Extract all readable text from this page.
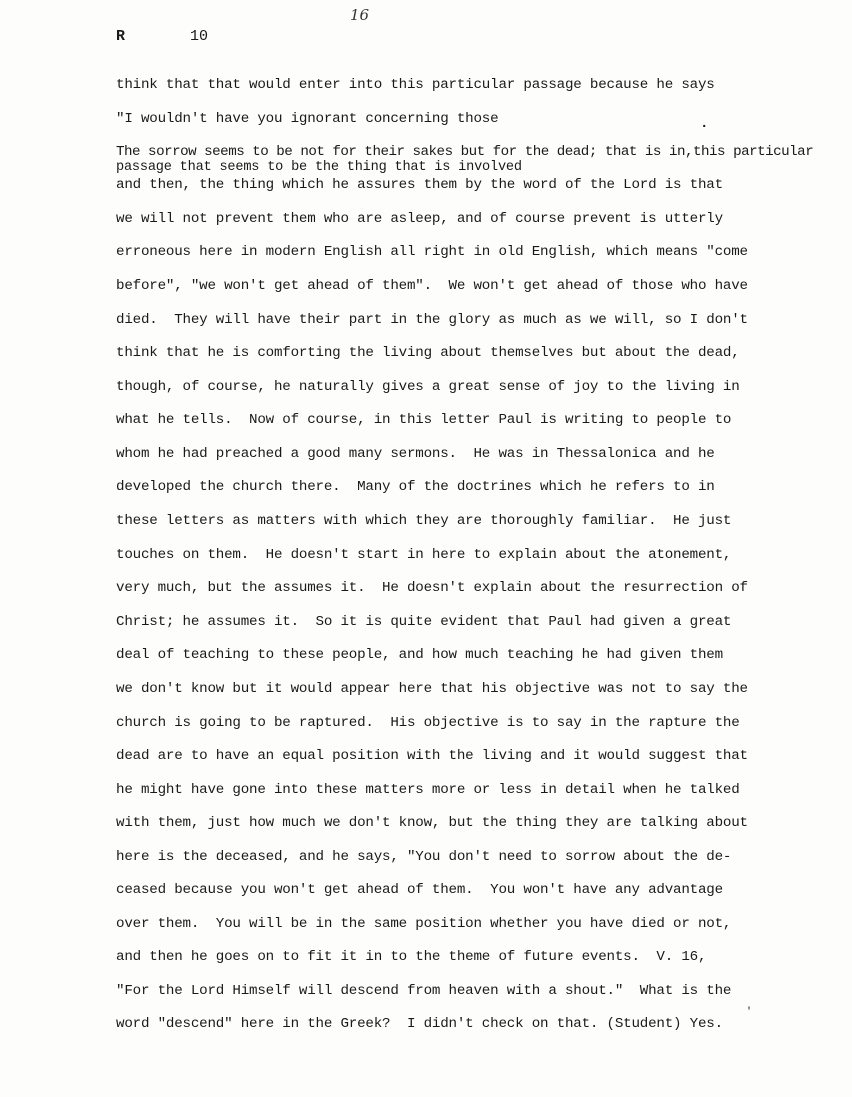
16
R	10
think that that would enter into this particular passage because he says
"I wouldn't have you ignorant concerning those	.
The sorrow seems to be not for their sakes but for the dead; that is in,this particular
passage that seems to be the thing that is involved
and then, the thing which he assures them by the word of the Lord is that
we will not prevent them who are asleep, and of course prevent is utterly
erroneous here in modern English all right in old English, which means "come
before", "we won't get ahead of them".  We won't get ahead of those who have
died.  They will have their part in the glory as much as we will, so I don't
think that he is comforting the living about themselves but about the dead,
though, of course, he naturally gives a great sense of joy to the living in
what he tells.  Now of course, in this letter Paul is writing to people to
whom he had preached a good many sermons.  He was in Thessalonica and he
developed the church there.  Many of the doctrines which he refers to in
these letters as matters with which they are thoroughly familiar.  He just
touches on them.  He doesn't start in here to explain about the atonement,
very much, but the assumes it.  He doesn't explain about the resurrection of
Christ; he assumes it.  So it is quite evident that Paul had given a great
deal of teaching to these people, and how much teaching he had given them
we don't know but it would appear here that his objective was not to say the
church is going to be raptured.  His objective is to say in the rapture the
dead are to have an equal position with the living and it would suggest that
he might have gone into these matters more or less in detail when he talked
with them, just how much we don't know, but the thing they are talking about
here is the deceased, and he says, "You don't need to sorrow about the de-
ceased because you won't get ahead of them.  You won't have any advantage
over them.  You will be in the same position whether you have died or not,
and then he goes on to fit it in to the theme of future events.  V. 16,
"For the Lord Himself will descend from heaven with a shout."  What is the
word "descend" here in the Greek?  I didn't check on that. (Student) Yes.
'
